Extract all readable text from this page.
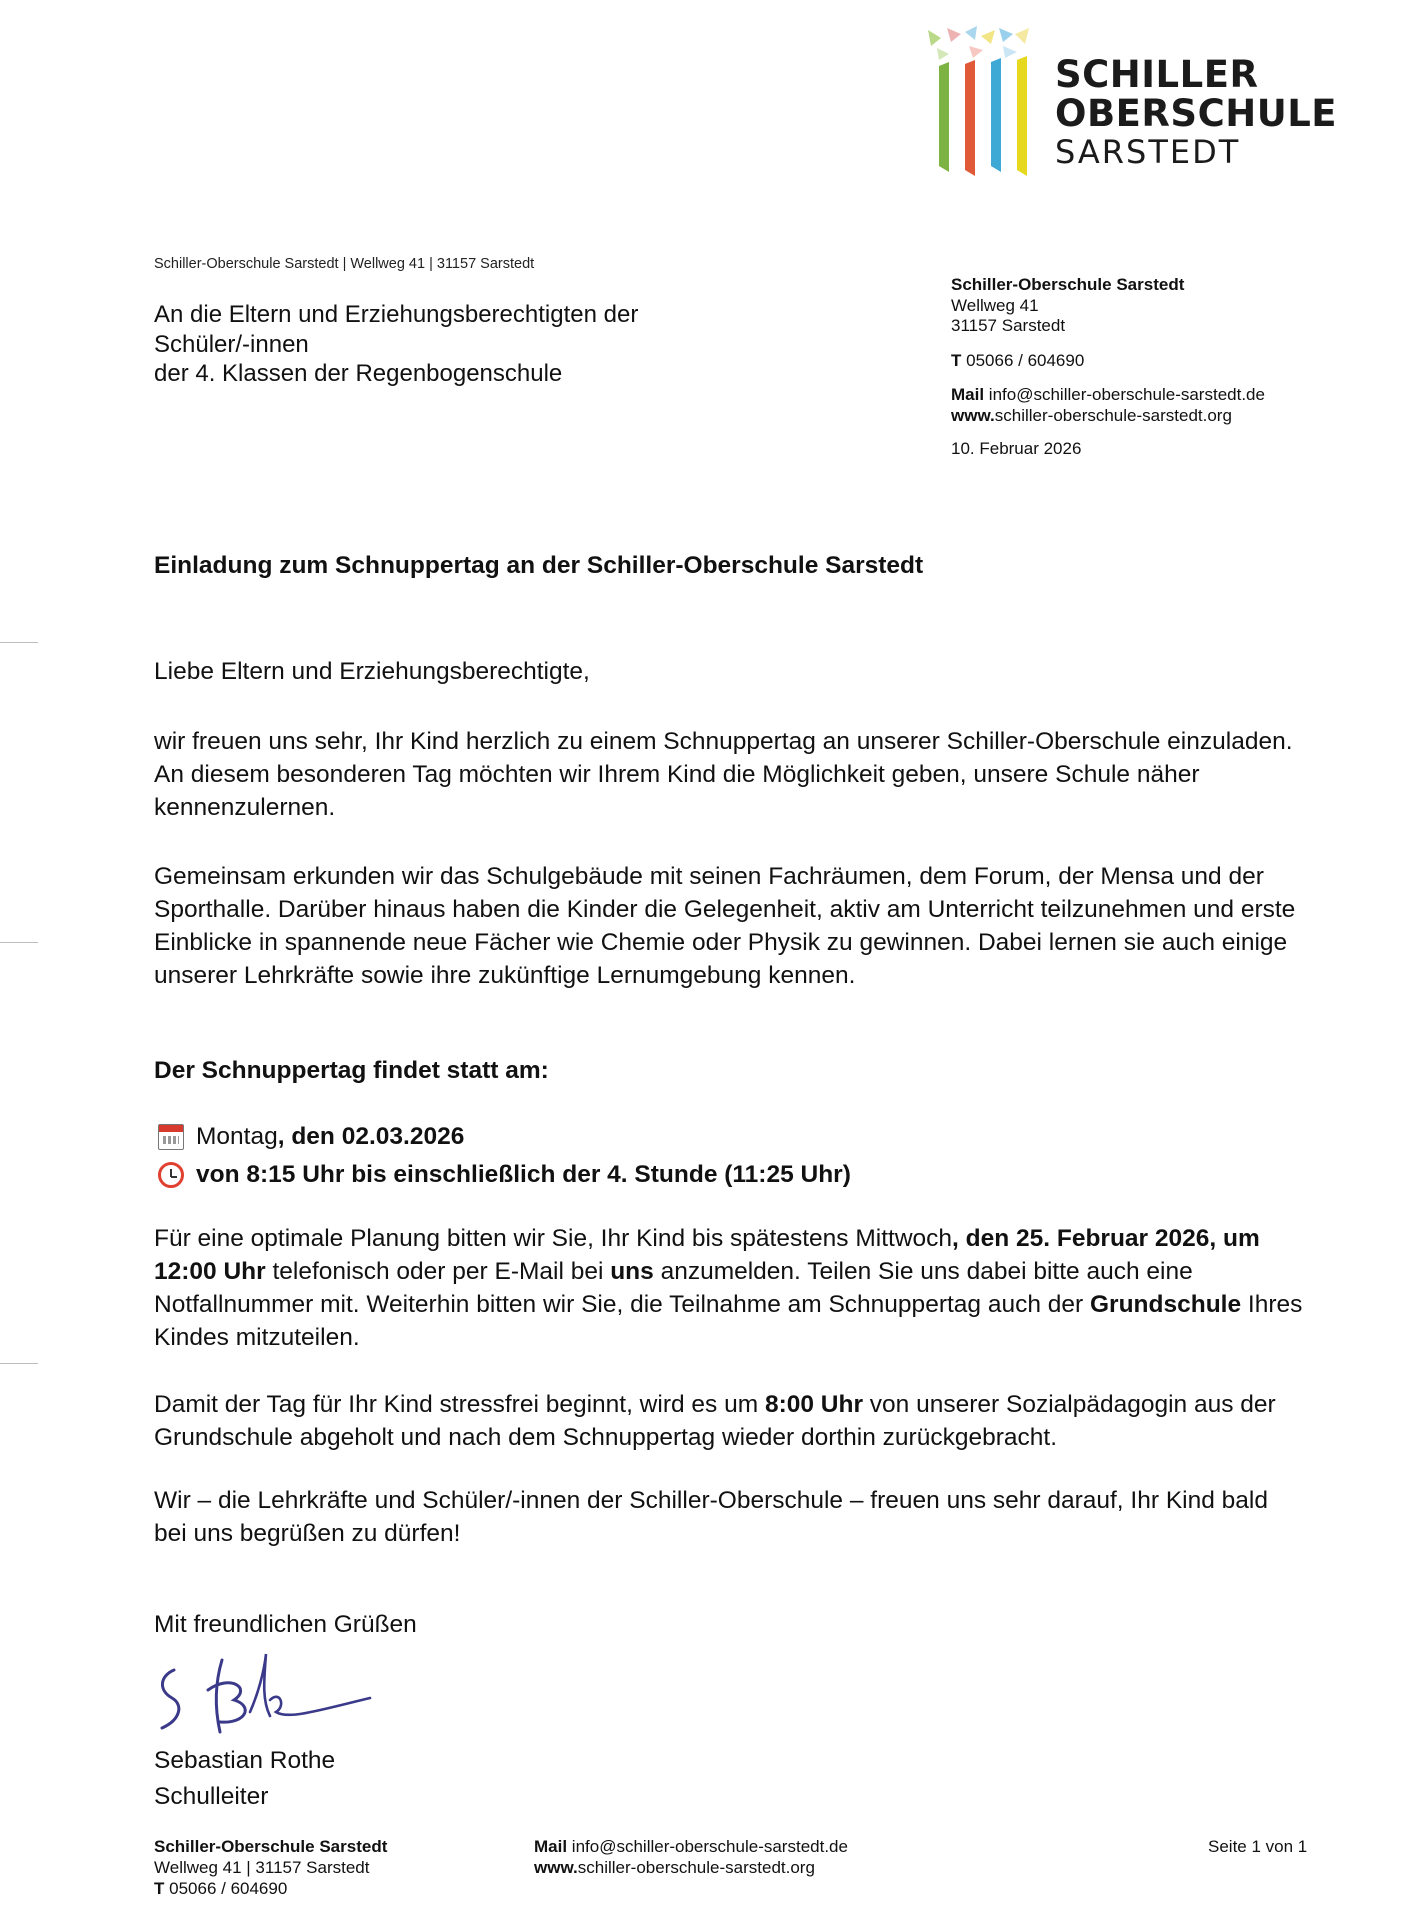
SCHILLER
OBERSCHULE
SARSTEDT
Schiller-Oberschule Sarstedt | Wellweg 41 | 31157 Sarstedt
An die Eltern und Erziehungsberechtigten der
Schüler/-innen
der 4. Klassen der Regenbogenschule
Schiller-Oberschule Sarstedt
Wellweg 41
31157 Sarstedt
T 05066 / 604690
Mail info@schiller-oberschule-sarstedt.de
www.schiller-oberschule-sarstedt.org
10. Februar 2026
Einladung zum Schnuppertag an der Schiller-Oberschule Sarstedt
Liebe Eltern und Erziehungsberechtigte,

wir freuen uns sehr, Ihr Kind herzlich zu einem Schnuppertag an unserer Schiller-Oberschule einzuladen. An diesem besonderen Tag möchten wir Ihrem Kind die Möglichkeit geben, unsere Schule näher kennenzulernen.

Gemeinsam erkunden wir das Schulgebäude mit seinen Fachräumen, dem Forum, der Mensa und der Sporthalle. Darüber hinaus haben die Kinder die Gelegenheit, aktiv am Unterricht teilzunehmen und erste Einblicke in spannende neue Fächer wie Chemie oder Physik zu gewinnen. Dabei lernen sie auch einige unserer Lehrkräfte sowie ihre zukünftige Lernumgebung kennen.

Der Schnuppertag findet statt am:
Montag , den 02.03.2026
von 8:15 Uhr bis einschließlich der 4. Stunde (11:25 Uhr)

Für eine optimale Planung bitten wir Sie, Ihr Kind bis spätestens Mittwoch, den 25. Februar 2026, um 12:00 Uhr telefonisch oder per E-Mail bei uns anzumelden. Teilen Sie uns dabei bitte auch eine Notfallnummer mit. Weiterhin bitten wir Sie, die Teilnahme am Schnuppertag auch der Grundschule Ihres Kindes mitzuteilen.

Damit der Tag für Ihr Kind stressfrei beginnt, wird es um 8:00 Uhr von unserer Sozialpädagogin aus der Grundschule abgeholt und nach dem Schnuppertag wieder dorthin zurückgebracht.

Wir – die Lehrkräfte und Schüler/-innen der Schiller-Oberschule – freuen uns sehr darauf, Ihr Kind bald bei uns begrüßen zu dürfen!

Mit freundlichen Grüßen
Sebastian Rothe
Schulleiter
Schiller-Oberschule Sarstedt
Wellweg 41 | 31157 Sarstedt
T 05066 / 604690
Mail info@schiller-oberschule-sarstedt.de
www.schiller-oberschule-sarstedt.org
Seite 1 von 1
